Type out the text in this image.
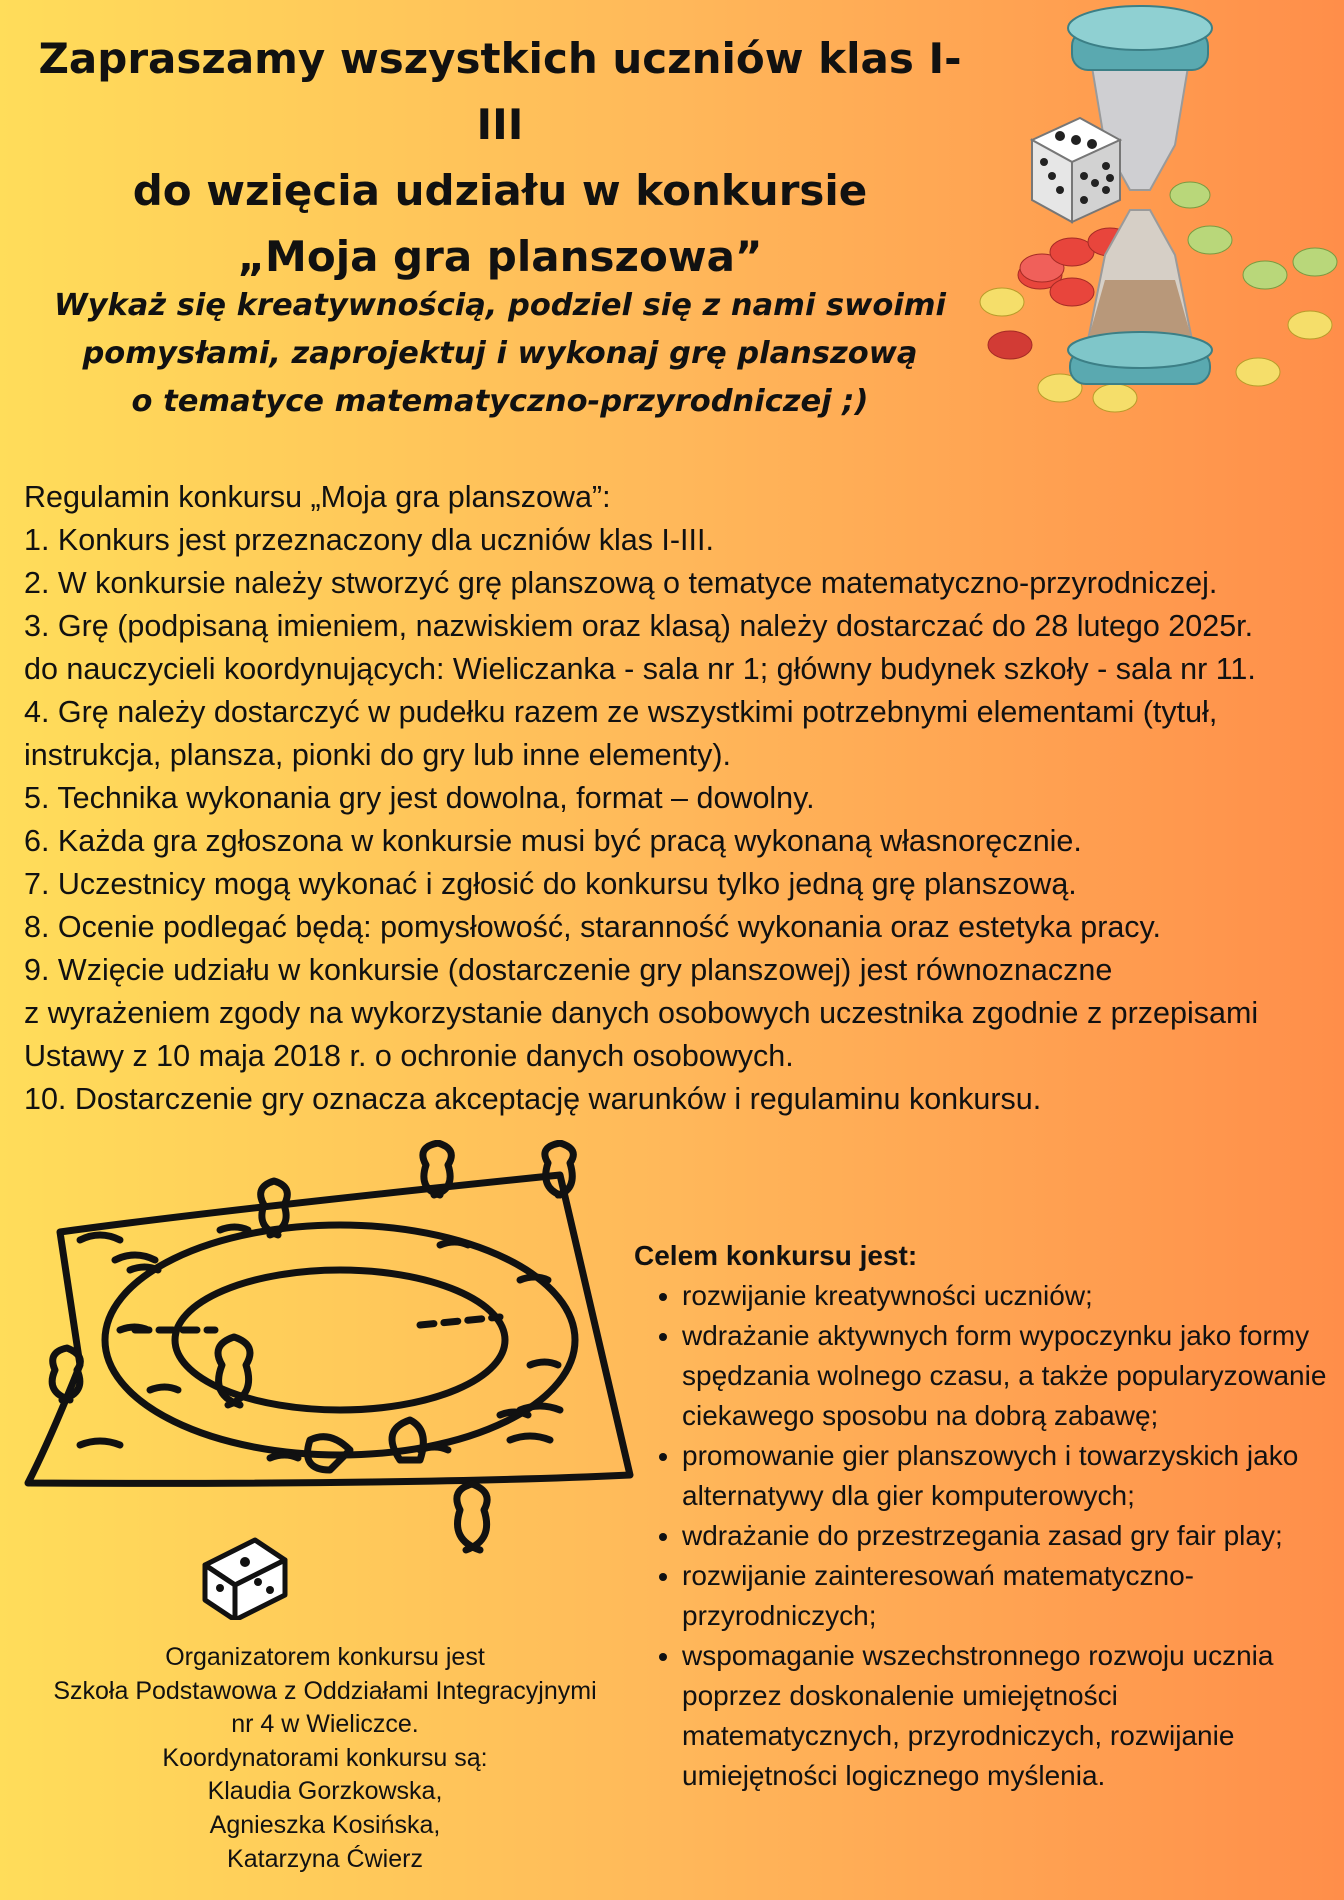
Zapraszamy wszystkich uczniów klas I-III
do wzięcia udziału w konkursie
„Moja gra planszowa”

Wykaż się kreatywnością, podziel się z nami swoimi
pomysłami, zaprojektuj i wykonaj grę planszową
o tematyce matematyczno-przyrodniczej ;)

Regulamin konkursu „Moja gra planszowa”:
1. Konkurs jest przeznaczony dla uczniów klas I-III.
2. W konkursie należy stworzyć grę planszową o tematyce matematyczno-przyrodniczej.
3. Grę (podpisaną imieniem, nazwiskiem oraz klasą) należy dostarczać do 28 lutego 2025r.
do nauczycieli koordynujących: Wieliczanka - sala nr 1; główny budynek szkoły - sala nr 11.
4. Grę należy dostarczyć w pudełku razem ze wszystkimi potrzebnymi elementami (tytuł,
instrukcja, plansza, pionki do gry lub inne elementy).
5. Technika wykonania gry jest dowolna, format – dowolny.
6. Każda gra zgłoszona w konkursie musi być pracą wykonaną własnoręcznie.
7. Uczestnicy mogą wykonać i zgłosić do konkursu tylko jedną grę planszową.
8. Ocenie podlegać będą: pomysłowość, staranność wykonania oraz estetyka pracy.
9. Wzięcie udziału w konkursie (dostarczenie gry planszowej) jest równoznaczne
z wyrażeniem zgody na wykorzystanie danych osobowych uczestnika zgodnie z przepisami
Ustawy z 10 maja 2018 r. o ochronie danych osobowych.
10. Dostarczenie gry oznacza akceptację warunków i regulaminu konkursu.
Celem konkursu jest:
• rozwijanie kreatywności uczniów;
• wdrażanie aktywnych form wypoczynku jako formy spędzania wolnego czasu, a także popularyzowanie ciekawego sposobu na dobrą zabawę;
• promowanie gier planszowych i towarzyskich jako alternatywy dla gier komputerowych;
• wdrażanie do przestrzegania zasad gry fair play;
• rozwijanie zainteresowań matematyczno-przyrodniczych;
• wspomaganie wszechstronnego rozwoju ucznia poprzez doskonalenie umiejętności matematycznych, przyrodniczych, rozwijanie umiejętności logicznego myślenia.
Organizatorem konkursu jest
Szkoła Podstawowa z Oddziałami Integracyjnymi
nr 4 w Wieliczce.
Koordynatorami konkursu są:
Klaudia Gorzkowska,
Agnieszka Kosińska,
Katarzyna Ćwierz
